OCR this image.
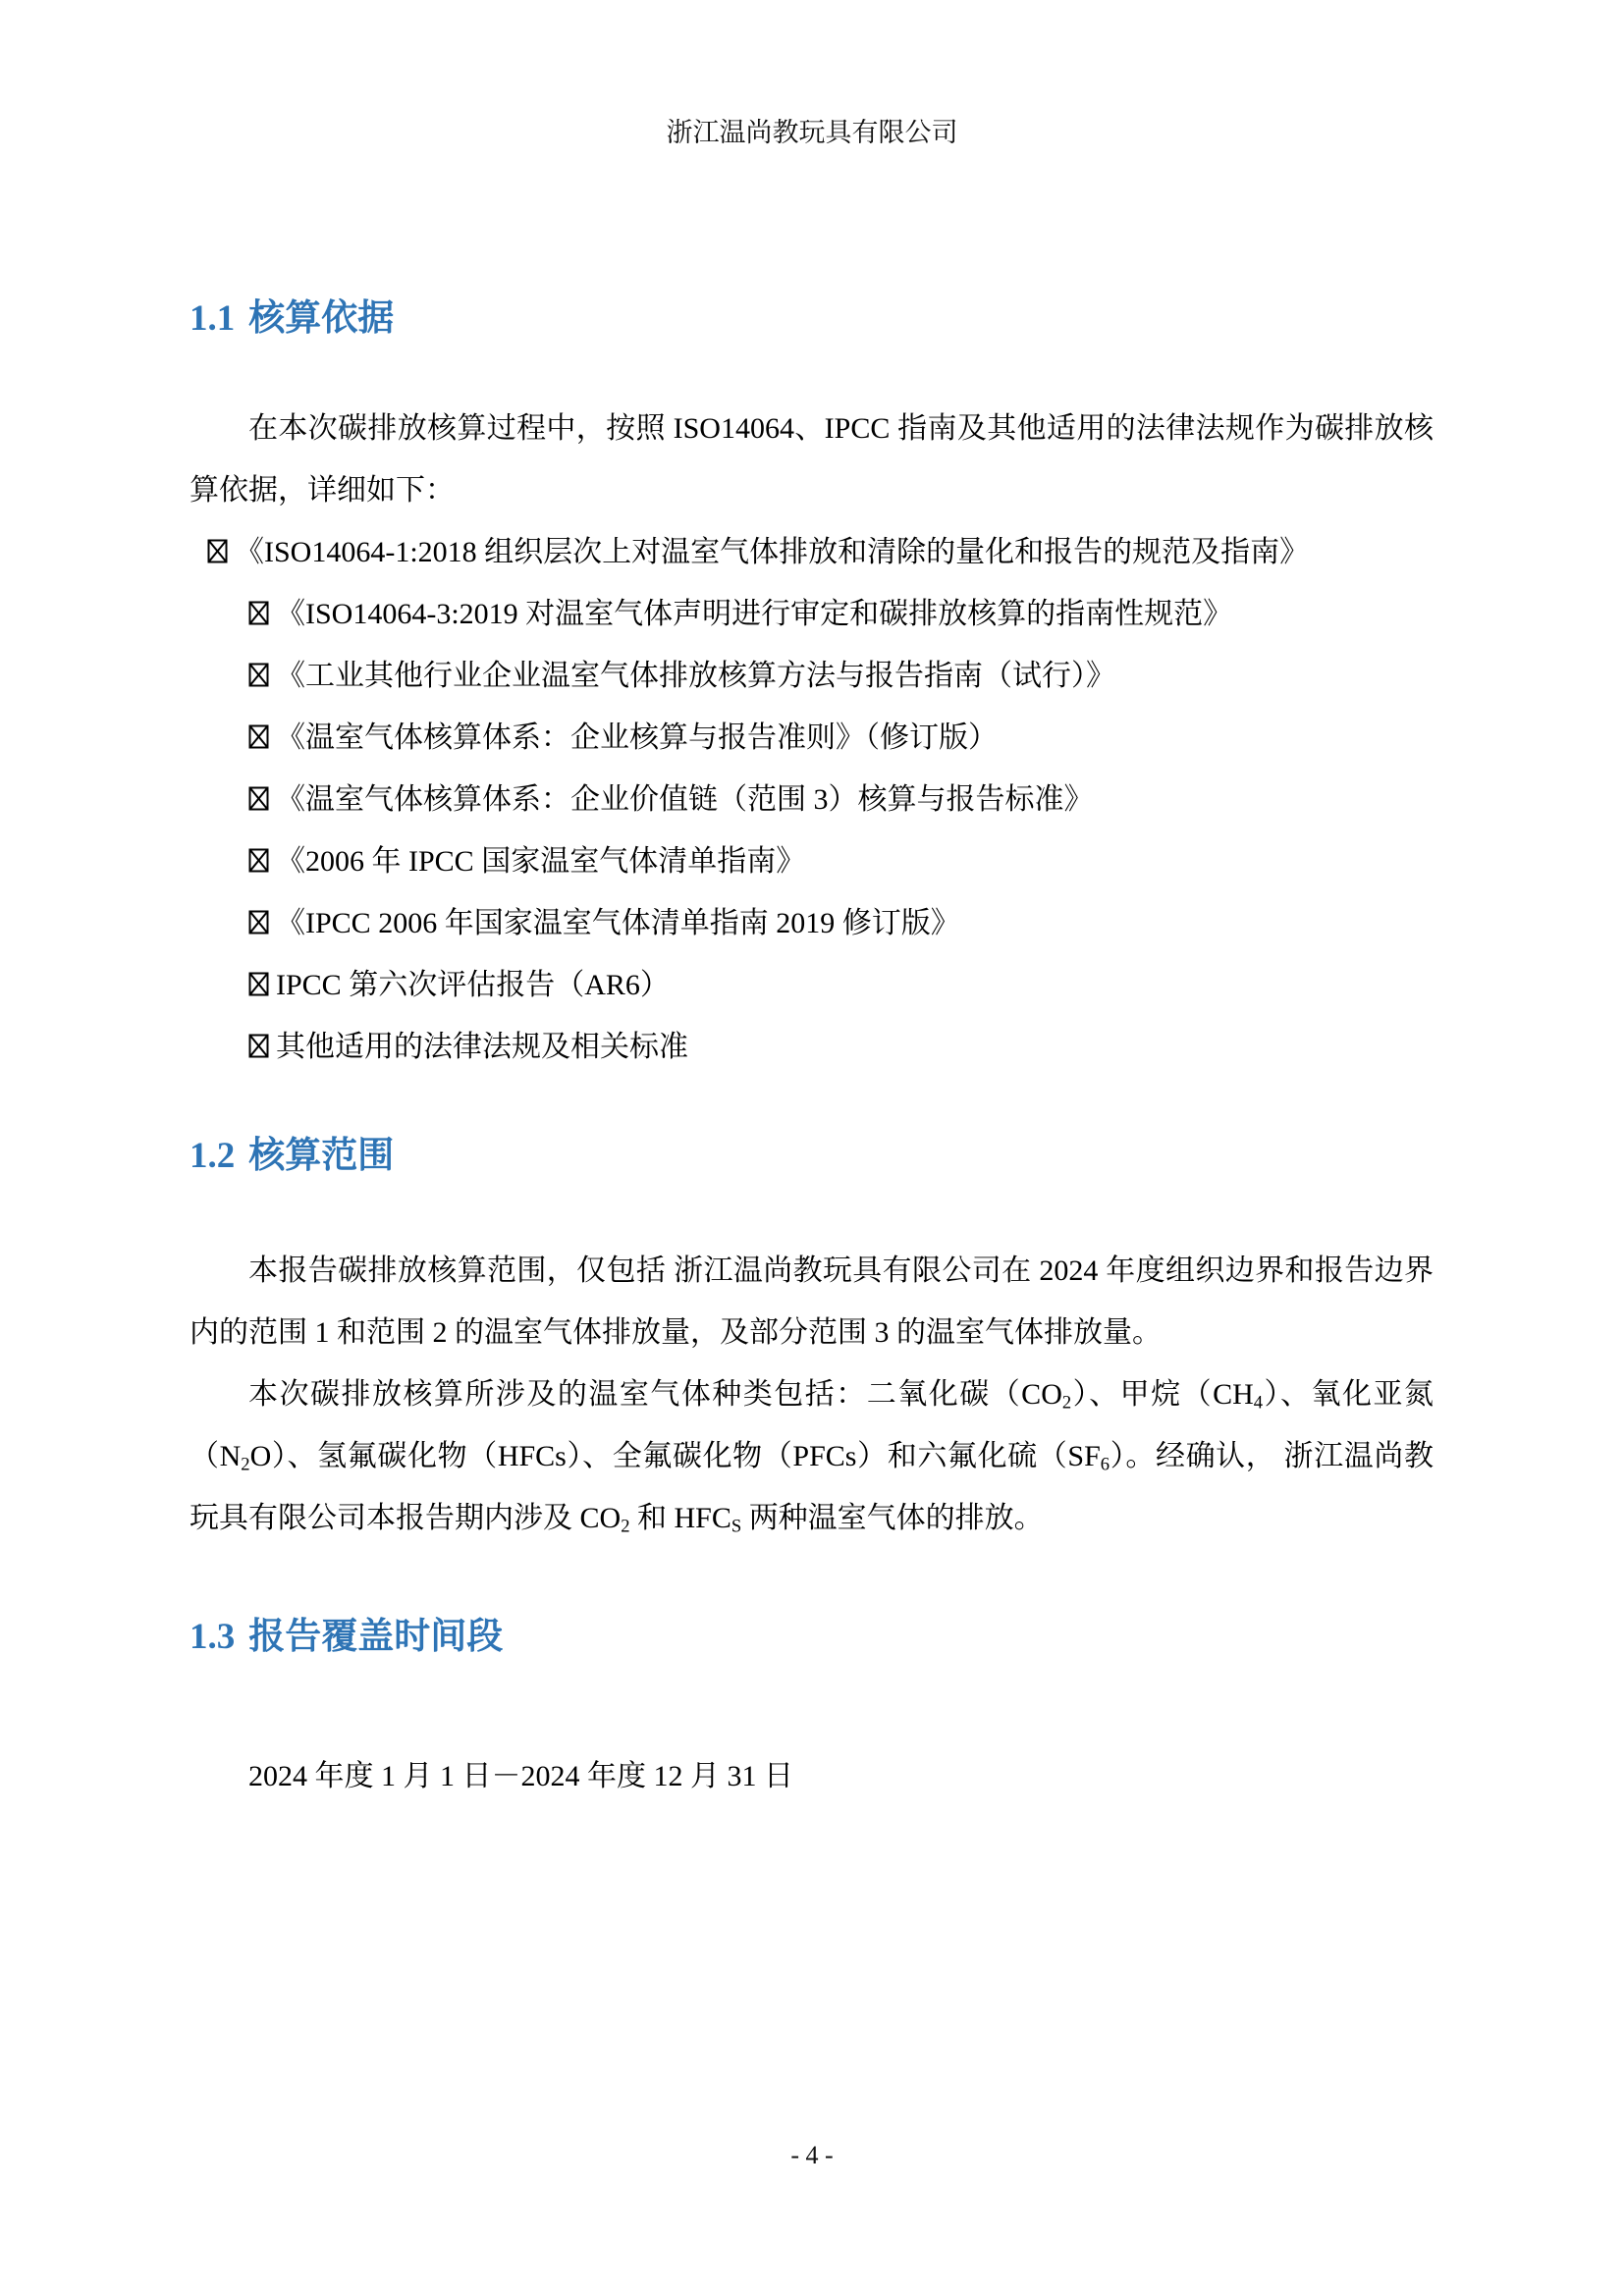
浙江温尚教玩具有限公司
1.1 核算依据

在本次碳排放核算过程中，按照 ISO14064、IPCC 指南及其他适用的法律法规作为碳排放核算依据，详细如下：

《ISO14064-1:2018 组织层次上对温室气体排放和清除的量化和报告的规范及指南》
《ISO14064-3:2019 对温室气体声明进行审定和碳排放核算的指南性规范》
《工业其他行业企业温室气体排放核算方法与报告指南（试行）》
《温室气体核算体系：企业核算与报告准则》（修订版）
《温室气体核算体系：企业价值链（范围 3）核算与报告标准》
《2006 年 IPCC 国家温室气体清单指南》
《IPCC 2006 年国家温室气体清单指南 2019 修订版》
IPCC 第六次评估报告（AR6）
其他适用的法律法规及相关标准
1.2 核算范围

本报告碳排放核算范围，仅包括 浙江温尚教玩具有限公司在 2024 年度组织边界和报告边界内的范围 1 和范围 2 的温室气体排放量，及部分范围 3 的温室气体排放量。

本次碳排放核算所涉及的温室气体种类包括：二氧化碳$(CO_2)$、甲烷$(CH_4)$、氧化亚氮$(N_2O)$、氢氟碳化物（HFCs）、全氟碳化物（PFCs）和六氟化硫$(SF_6)$。经确认， 浙江温尚教玩具有限公司本报告期内涉及 $CO_2$ 和 $HFC_S$ 两种温室气体的排放。

1.3 报告覆盖时间段

2024 年度 1 月 1 日－2024 年度 12 月 31 日

- 4 -
